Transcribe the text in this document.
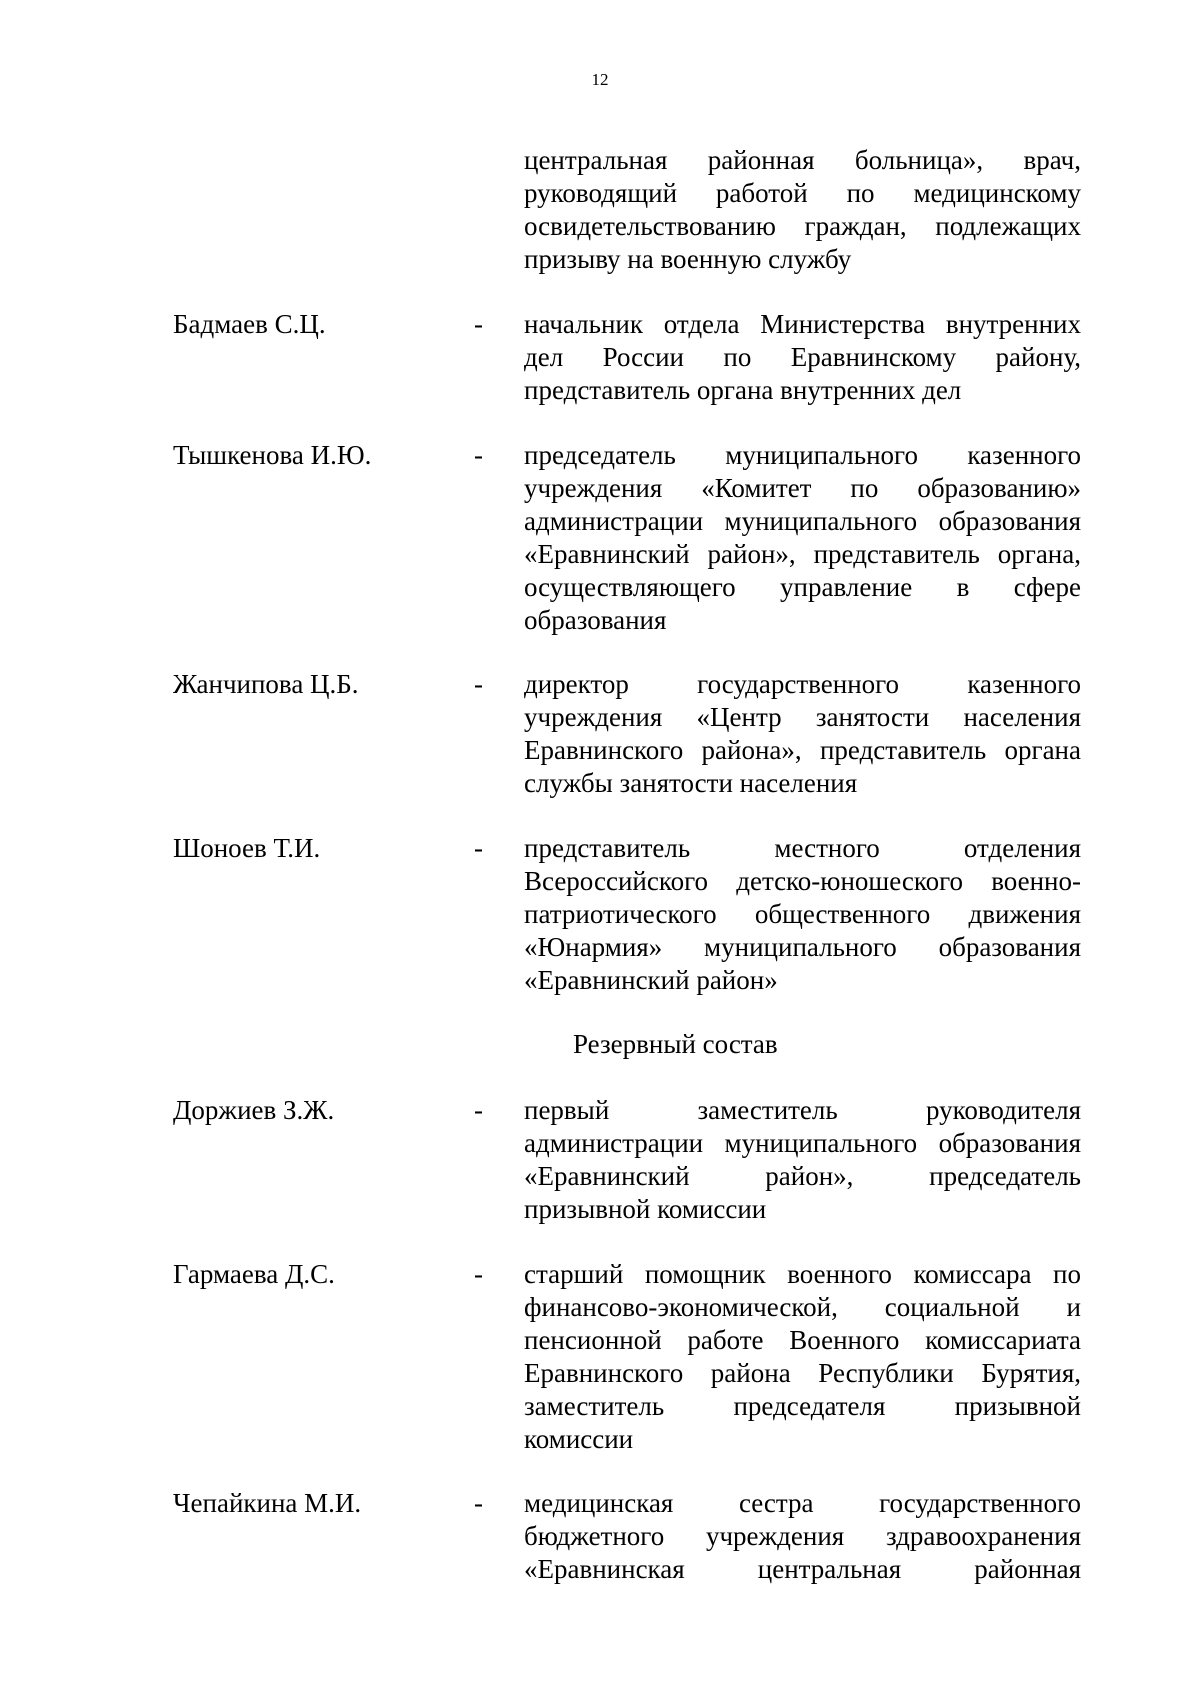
12
центральная районная больница», врач,
руководящий работой по медицинскому
освидетельствованию граждан, подлежащих
призыву на военную службу
Бадмаев С.Ц.	- начальник отдела Министерства внутренних
дел России по Еравнинскому району,
представитель органа внутренних дел
Тышкенова И.Ю.	- председатель муниципального казенного
учреждения «Комитет по образованию»
администрации муниципального образования
«Еравнинский район», представитель органа,
осуществляющего управление в сфере
образования
Жанчипова Ц.Б.	- директор государственного казенного
учреждения «Центр занятости населения
Еравнинского района», представитель органа
службы занятости населения
Шоноев Т.И.	- представитель местного отделения
Всероссийского детско-юношеского военно-
патриотического общественного движения
«Юнармия» муниципального образования
«Еравнинский район»
Резервный состав
Доржиев З.Ж.	- первый заместитель руководителя
администрации муниципального образования
«Еравнинский район», председатель
призывной комиссии
Гармаева Д.С.	- старший помощник военного комиссара по
финансово-экономической, социальной и
пенсионной работе Военного комиссариата
Еравнинского района Республики Бурятия,
заместитель председателя призывной
комиссии
Чепайкина М.И.	- медицинская сестра государственного
бюджетного учреждения здравоохранения
«Еравнинская центральная районная
